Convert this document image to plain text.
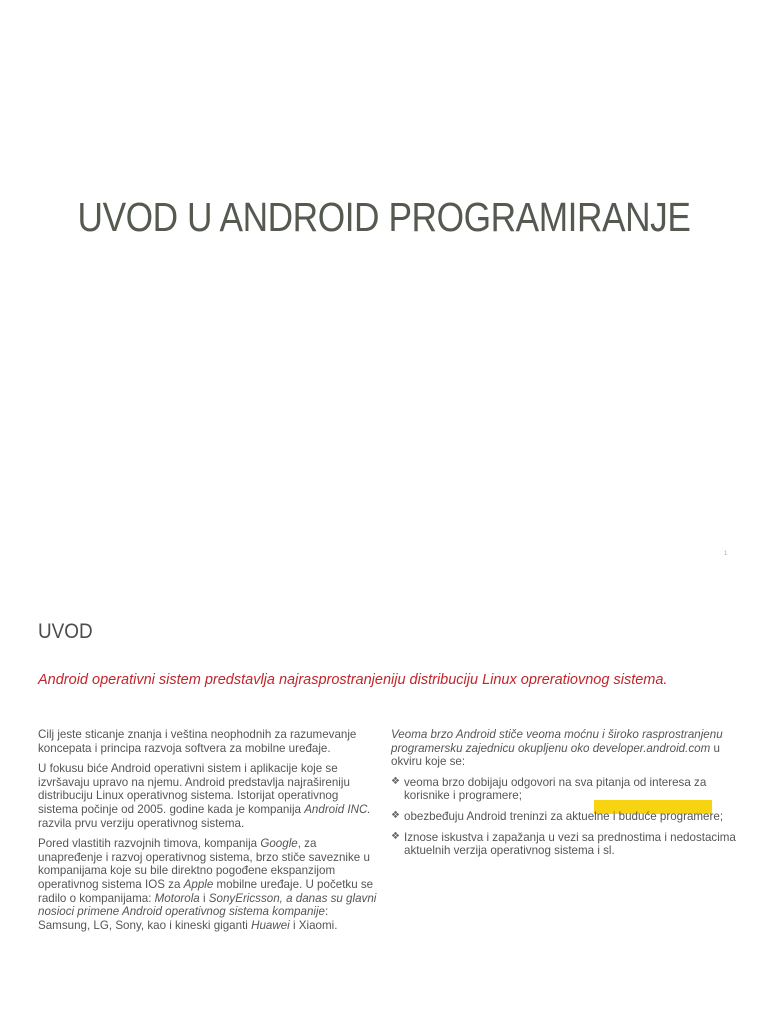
UVOD U ANDROID PROGRAMIRANJE
1
UVOD

Android operativni sistem predstavlja najrasprostranjeniju distribuciju Linux opreratiovnog sistema.

Cilj jeste sticanje znanja i veština neophodnih za razumevanje koncepata i principa razvoja softvera za mobilne uređaje.

U fokusu biće Android operativni sistem i aplikacije koje se izvršavaju upravo na njemu. Android predstavlja najrašireniju distribuciju Linux operativnog sistema. Istorijat operativnog sistema počinje od 2005. godine kada je kompanija Android INC. razvila prvu verziju operativnog sistema.

Pored vlastitih razvojnih timova, kompanija Google, za unapređenje i razvoj operativnog sistema, brzo stiče saveznike u kompanijama koje su bile direktno pogođene ekspanzijom operativnog sistema IOS za Apple mobilne uređaje. U početku se radilo o kompanijama: Motorola i SonyEricsson, a danas su glavni nosioci primene Android operativnog sistema kompanije: Samsung, LG, Sony, kao i kineski giganti Huawei i Xiaomi.

Veoma brzo Android stiče veoma moćnu i široko rasprostranjenu programersku zajednicu okupljenu oko developer.android.com u okviru koje se:

❖ veoma brzo dobijaju odgovori na sva pitanja od interesa za korisnike i programere;
❖ obezbeđuju Android treninzi za aktuelne i buduće programere;
❖ Iznose iskustva i zapažanja u vezi sa prednostima i nedostacima aktuelnih verzija operativnog sistema i sl.
